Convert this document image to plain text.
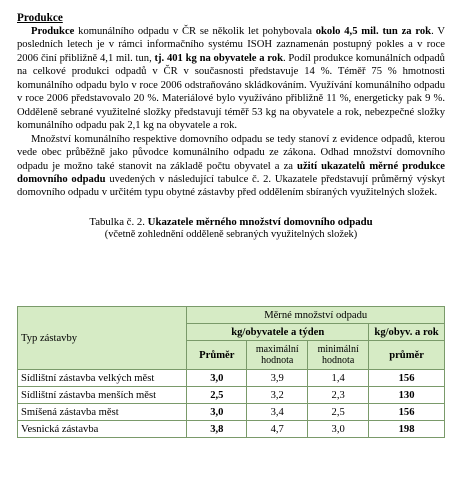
Produkce

Produkce komunálního odpadu v ČR se několik let pohybovala okolo 4,5 mil. tun za rok. V posledních letech je v rámci informačního systému ISOH zaznamenán postupný pokles a v roce 2006 činí přibližně 4,1 mil. tun, tj. 401 kg na obyvatele a rok. Podíl produkce komunálních odpadů na celkové produkci odpadů v ČR v současnosti představuje 14 %. Téměř 75 % hmotnosti komunálního odpadu bylo v roce 2006 odstraňováno skládkováním. Využívání komunálního odpadu v roce 2006 představovalo 20 %. Materiálové bylo využíváno přibližně 11 %, energeticky pak 9 %. Odděleně sebrané využitelné složky představují téměř 53 kg na obyvatele a rok, nebezpečné složky komunálního odpadu pak 2,1 kg na obyvatele a rok.

Množství komunálního respektive domovního odpadu se tedy stanoví z evidence odpadů, kterou vede obec průběžně jako původce komunálního odpadu ze zákona. Odhad množství domovního odpadu je možno také stanovit na základě počtu obyvatel a za užití ukazatelů měrné produkce domovního odpadu uvedených v následující tabulce č. 2. Ukazatele představují průměrný výskyt domovního odpadu v určitém typu obytné zástavby před oddělením sbíraných využitelných složek.

Tabulka č. 2. Ukazatele měrného množství domovního odpadu
(včetně zohlednění odděleně sebraných využitelných složek)
Typ zástavby	Měrné množství odpadu			
	kg/obyvatele a týden			kg/obyv. a rok
	Průměr	maximální hodnota	minimální hodnota	průměr
Sídlištní zástavba velkých měst	3,0	3,9	1,4	156
Sídlištní zástavba menších měst	2,5	3,2	2,3	130
Smíšená zástavba měst	3,0	3,4	2,5	156
Vesnická zástavba	3,8	4,7	3,0	198
